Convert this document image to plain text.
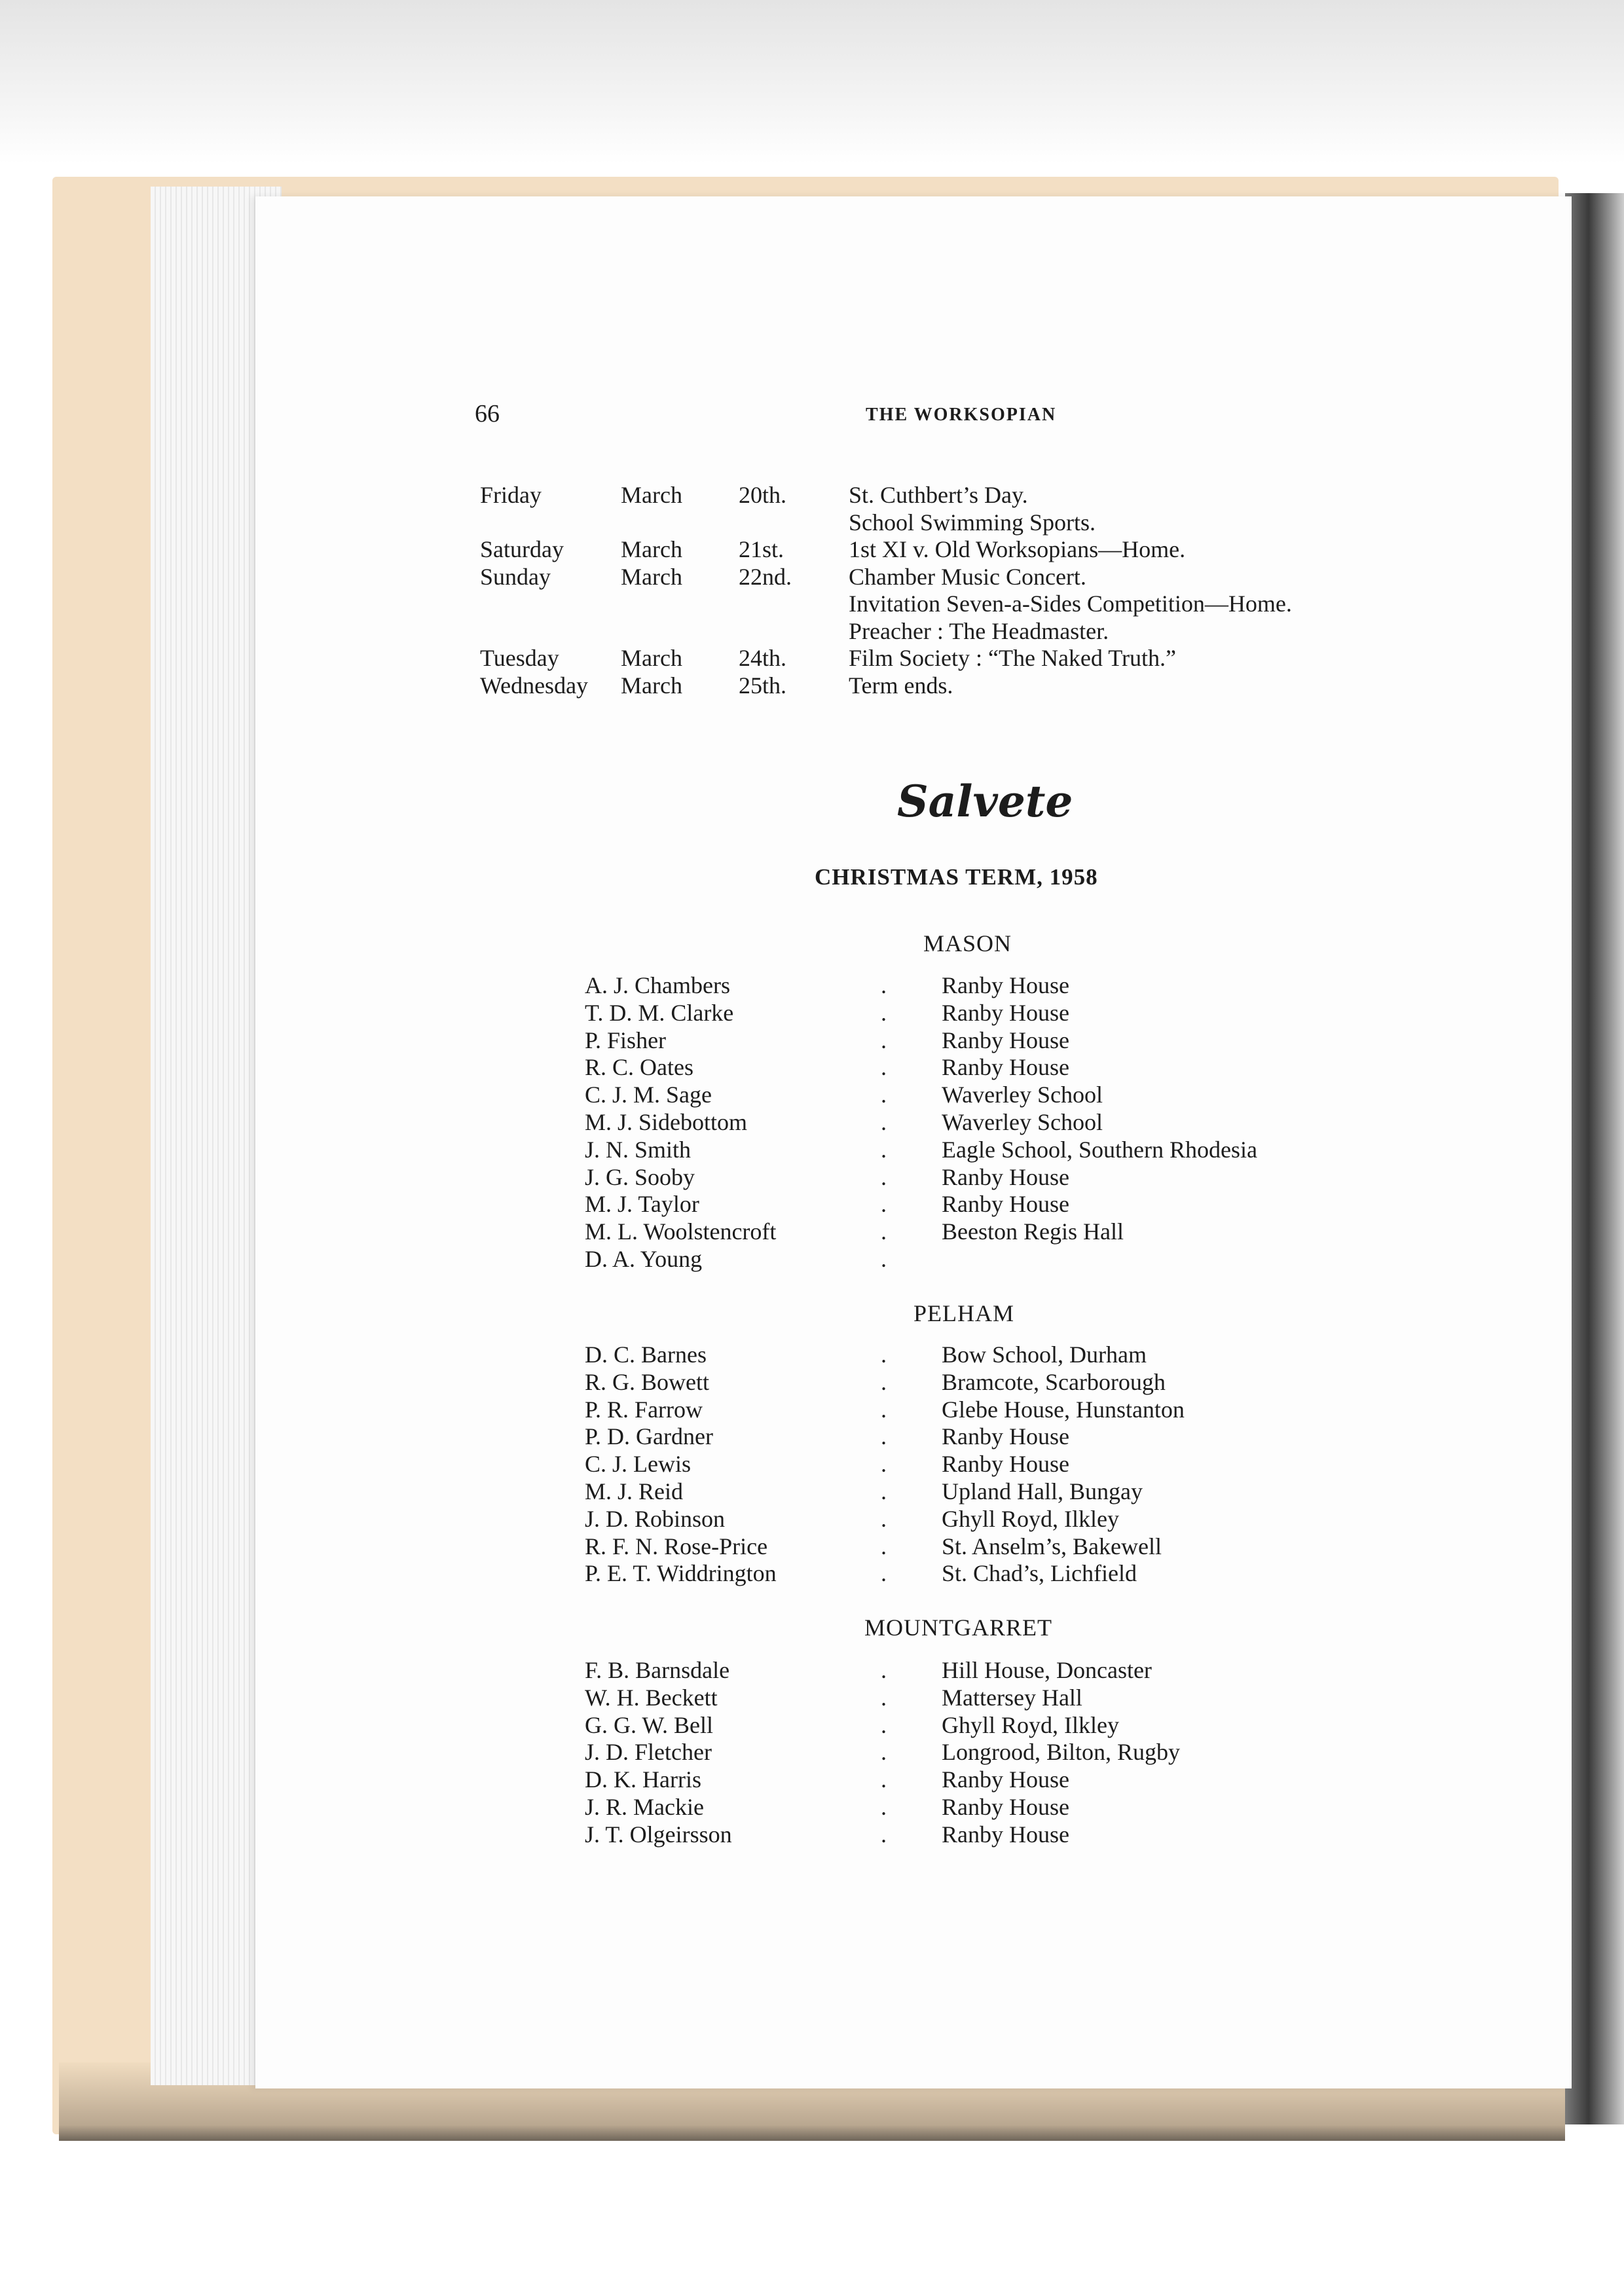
66	THE WORKSOPIAN
Friday	March 20th.	St. Cuthbert’s Day.
School Swimming Sports.
Saturday March 21st.	1st XI v. Old Worksopians—Home.
Sunday	March 22nd. Chamber Music Concert.
Invitation Seven-a-Sides Competition—Home.
Preacher : The Headmaster.
Tuesday	March 24th.	Film Society : “The Naked Truth.”
Wednesday March 25th.	Term ends.
Salvete
CHRISTMAS TERM, 1958
MASON
A. J. Chambers	. Ranby House
T. D. M. Clarke	. Ranby House
P. Fisher	. Ranby House
R. C. Oates	. Ranby House
C. J. M. Sage	. Waverley School
M. J. Sidebottom	. Waverley School
J. N. Smith	. Eagle School, Southern Rhodesia
J. G. Sooby	. Ranby House
M. J. Taylor	. Ranby House
M. L. Woolstencroft	. Beeston Regis Hall
D. A. Young	.
PELHAM
D. C. Barnes	. Bow School, Durham
R. G. Bowett	. Bramcote, Scarborough
P. R. Farrow	. Glebe House, Hunstanton
P. D. Gardner	. Ranby House
C. J. Lewis	. Ranby House
M. J. Reid	. Upland Hall, Bungay
J. D. Robinson	. Ghyll Royd, Ilkley
R. F. N. Rose-Price	. St. Anselm’s, Bakewell
P. E. T. Widdrington	. St. Chad’s, Lichfield
MOUNTGARRET
F. B. Barnsdale	. Hill House, Doncaster
W. H. Beckett	. Mattersey Hall
G. G. W. Bell	. Ghyll Royd, Ilkley
J. D. Fletcher	. Longrood, Bilton, Rugby
D. K. Harris	. Ranby House
J. R. Mackie	. Ranby House
J. T. Olgeirsson	. Ranby House
